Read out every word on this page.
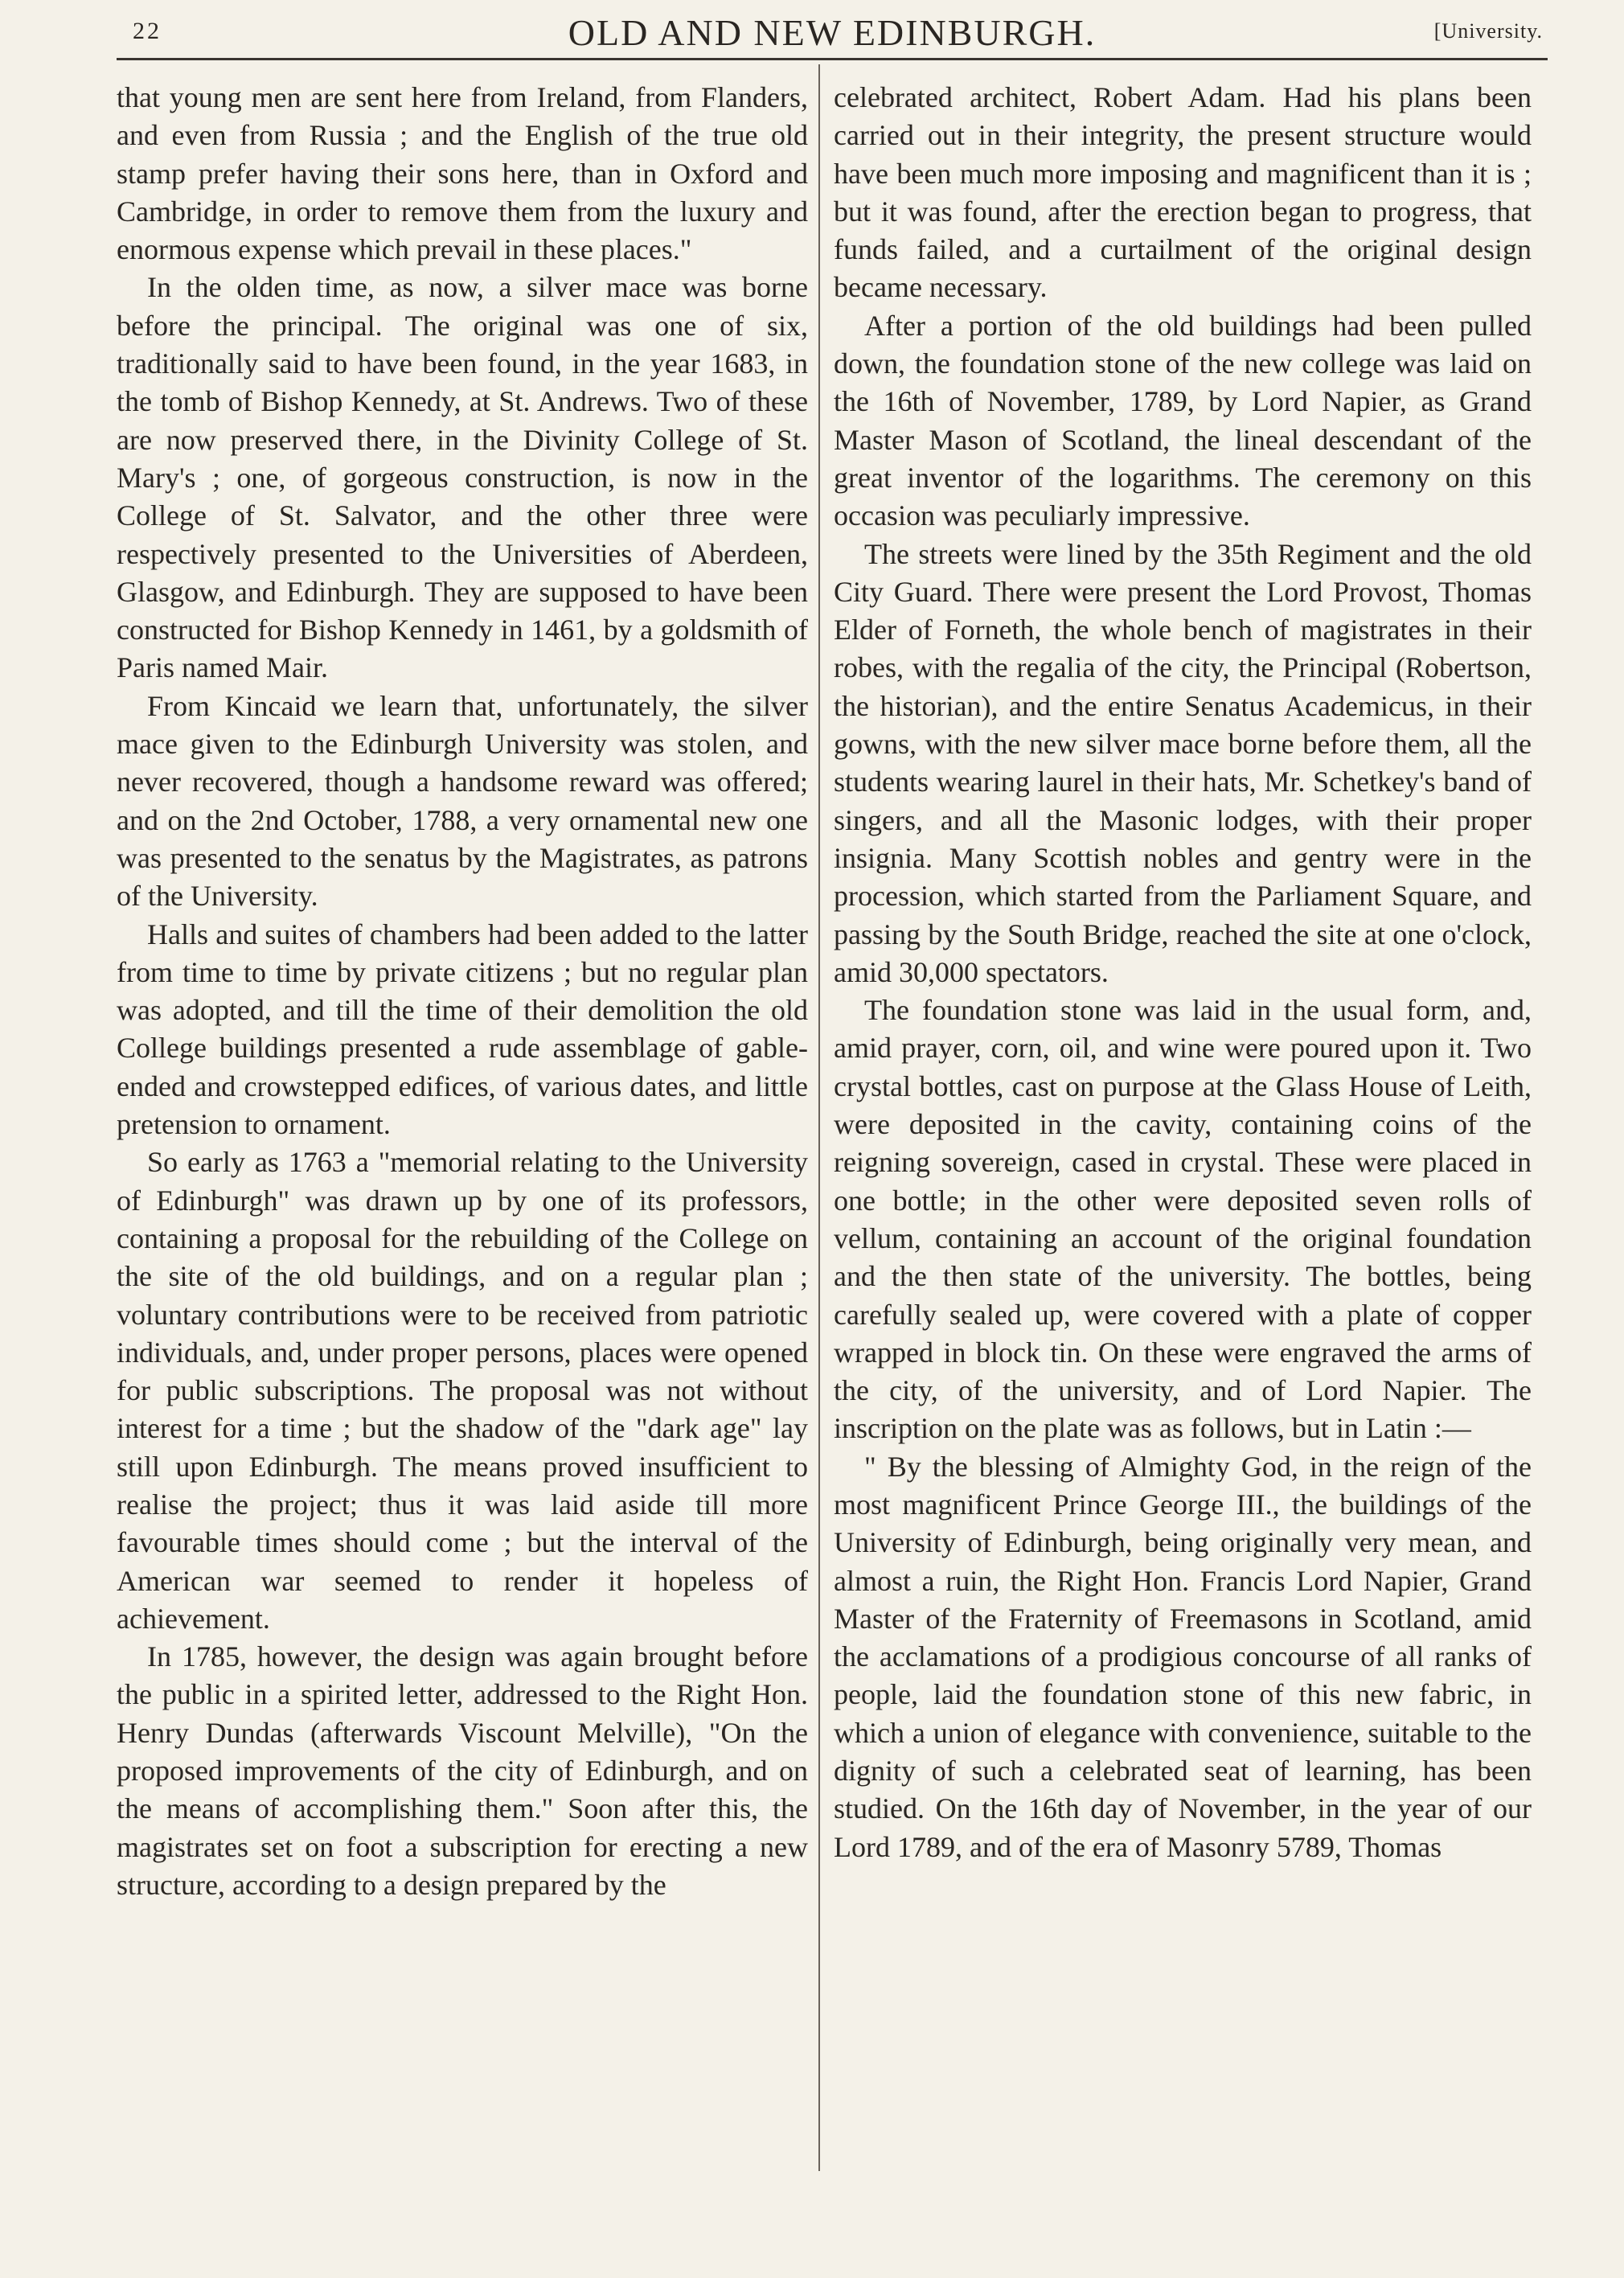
22	OLD AND NEW EDINBURGH.	[University.

that young men are sent here from Ireland, from Flanders, and even from Russia ; and the English of the true old stamp prefer having their sons here, than in Oxford and Cambridge, in order to remove them from the luxury and enormous expense which prevail in these places."

In the olden time, as now, a silver mace was borne before the principal. The original was one of six, traditionally said to have been found, in the year 1683, in the tomb of Bishop Kennedy, at St. Andrews. Two of these are now preserved there, in the Divinity College of St. Mary's ; one, of gorgeous construction, is now in the College of St. Salvator, and the other three were respectively presented to the Universities of Aberdeen, Glasgow, and Edinburgh. They are supposed to have been constructed for Bishop Kennedy in 1461, by a goldsmith of Paris named Mair.

From Kincaid we learn that, unfortunately, the silver mace given to the Edinburgh University was stolen, and never recovered, though a handsome reward was offered; and on the 2nd October, 1788, a very ornamental new one was presented to the senatus by the Magistrates, as patrons of the University.

Halls and suites of chambers had been added to the latter from time to time by private citizens ; but no regular plan was adopted, and till the time of their demolition the old College buildings presented a rude assemblage of gable-ended and crowstepped edifices, of various dates, and little pretension to ornament.

So early as 1763 a "memorial relating to the University of Edinburgh" was drawn up by one of its professors, containing a proposal for the rebuilding of the College on the site of the old buildings, and on a regular plan ; voluntary contributions were to be received from patriotic individuals, and, under proper persons, places were opened for public subscriptions. The proposal was not without interest for a time ; but the shadow of the "dark age" lay still upon Edinburgh. The means proved insufficient to realise the project; thus it was laid aside till more favourable times should come ; but the interval of the American war seemed to render it hopeless of achievement.

In 1785, however, the design was again brought before the public in a spirited letter, addressed to the Right Hon. Henry Dundas (afterwards Viscount Melville), "On the proposed improvements of the city of Edinburgh, and on the means of accomplishing them." Soon after this, the magistrates set on foot a subscription for erecting a new structure, according to a design prepared by the

celebrated architect, Robert Adam. Had his plans been carried out in their integrity, the present structure would have been much more imposing and magnificent than it is ; but it was found, after the erection began to progress, that funds failed, and a curtailment of the original design became necessary.

After a portion of the old buildings had been pulled down, the foundation stone of the new college was laid on the 16th of November, 1789, by Lord Napier, as Grand Master Mason of Scotland, the lineal descendant of the great inventor of the logarithms. The ceremony on this occasion was peculiarly impressive.

The streets were lined by the 35th Regiment and the old City Guard. There were present the Lord Provost, Thomas Elder of Forneth, the whole bench of magistrates in their robes, with the regalia of the city, the Principal (Robertson, the historian), and the entire Senatus Academicus, in their gowns, with the new silver mace borne before them, all the students wearing laurel in their hats, Mr. Schetkey's band of singers, and all the Masonic lodges, with their proper insignia. Many Scottish nobles and gentry were in the procession, which started from the Parliament Square, and passing by the South Bridge, reached the site at one o'clock, amid 30,000 spectators.

The foundation stone was laid in the usual form, and, amid prayer, corn, oil, and wine were poured upon it. Two crystal bottles, cast on purpose at the Glass House of Leith, were deposited in the cavity, containing coins of the reigning sovereign, cased in crystal. These were placed in one bottle; in the other were deposited seven rolls of vellum, containing an account of the original foundation and the then state of the university. The bottles, being carefully sealed up, were covered with a plate of copper wrapped in block tin. On these were engraved the arms of the city, of the university, and of Lord Napier. The inscription on the plate was as follows, but in Latin :—

" By the blessing of Almighty God, in the reign of the most magnificent Prince George III., the buildings of the University of Edinburgh, being originally very mean, and almost a ruin, the Right Hon. Francis Lord Napier, Grand Master of the Fraternity of Freemasons in Scotland, amid the acclamations of a prodigious concourse of all ranks of people, laid the foundation stone of this new fabric, in which a union of elegance with convenience, suitable to the dignity of such a celebrated seat of learning, has been studied. On the 16th day of November, in the year of our Lord 1789, and of the era of Masonry 5789, Thomas
